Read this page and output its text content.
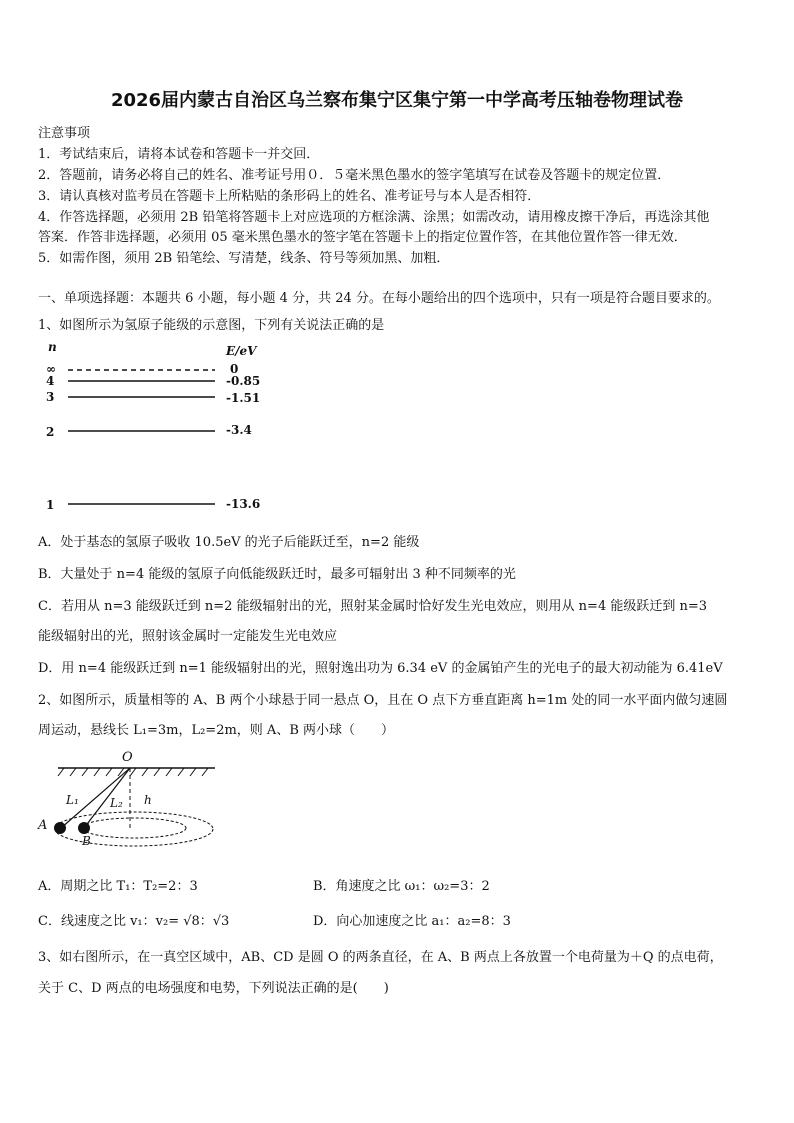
2026届内蒙古自治区乌兰察布集宁区集宁第一中学高考压轴卷物理试卷
注意事项
1．考试结束后，请将本试卷和答题卡一并交回．
2．答题前，请务必将自己的姓名、准考证号用０．５毫米黑色墨水的签字笔填写在试卷及答题卡的规定位置．
3．请认真核对监考员在答题卡上所粘贴的条形码上的姓名、准考证号与本人是否相符．
4．作答选择题，必须用 2B 铅笔将答题卡上对应选项的方框涂满、涂黑；如需改动，请用橡皮擦干净后，再选涂其他
答案．作答非选择题，必须用 05 毫米黑色墨水的签字笔在答题卡上的指定位置作答，在其他位置作答一律无效．
5．如需作图，须用 2B 铅笔绘、写清楚，线条、符号等须加黑、加粗．
一、单项选择题：本题共 6 小题，每小题 4 分，共 24 分。在每小题给出的四个选项中，只有一项是符合题目要求的。
1、如图所示为氢原子能级的示意图，下列有关说法正确的是
n	E/eV
∞	0
4	-0.85
3	-1.51
2	-3.4
1	-13.6
A．处于基态的氢原子吸收 10.5eV 的光子后能跃迁至，n=2 能级
B．大量处于 n=4 能级的氢原子向低能级跃迁时，最多可辐射出 3 种不同频率的光
C．若用从 n=3 能级跃迁到 n=2 能级辐射出的光，照射某金属时恰好发生光电效应，则用从 n=4 能级跃迁到 n=3
能级辐射出的光，照射该金属时一定能发生光电效应
D．用 n=4 能级跃迁到 n=1 能级辐射出的光，照射逸出功为 6.34 eV 的金属铂产生的光电子的最大初动能为 6.41eV
2、如图所示，质量相等的 A、B 两个小球悬于同一悬点 O，且在 O 点下方垂直距离 h=1m 处的同一水平面内做匀速圆
周运动，悬线长 L₁=3m，L₂=2m，则 A、B 两小球（　　）
O
L₁	L₂ h
A
B
A．周期之比 T₁：T₂=2：3	B．角速度之比 ω₁：ω₂=3：2
C．线速度之比 v₁：v₂= √8：√3	D．向心加速度之比 a₁：a₂=8：3
3、如右图所示，在一真空区域中，AB、CD 是圆 O 的两条直径，在 A、B 两点上各放置一个电荷量为＋Q 的点电荷，
关于 C、D 两点的电场强度和电势，下列说法正确的是(　　)
